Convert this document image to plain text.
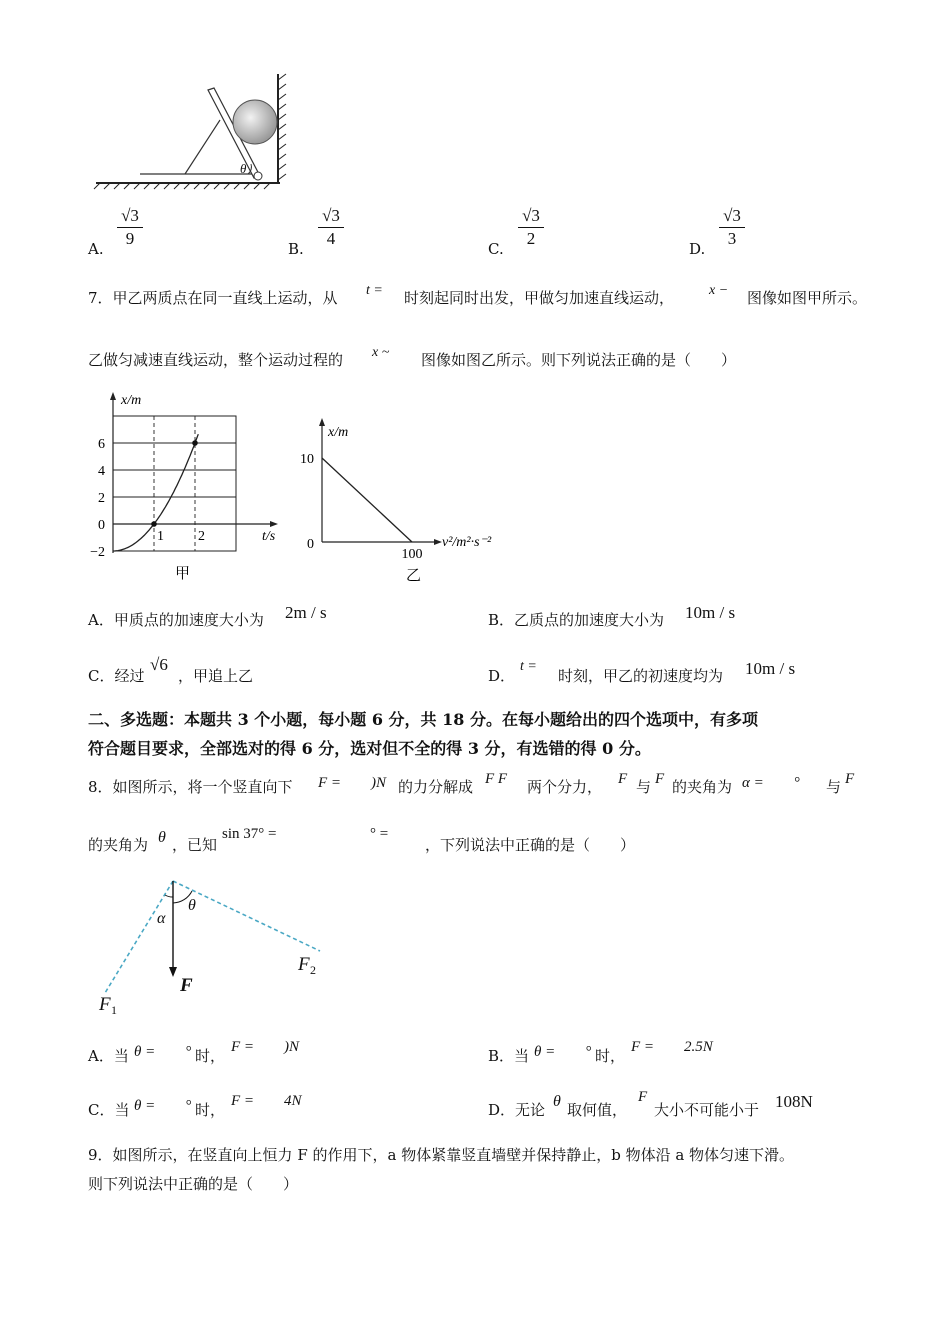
θ
A.
√3
9
B.
√3
4
C.
√3
2
D.
√3
3
7．甲乙两质点在同一直线上运动，从 t = 时刻起同时出发，甲做匀加速直线运动， x − 图像如图甲所示。
乙做匀减速直线运动，整个运动过程的 x ~ 图像如图乙所示。则下列说法正确的是（　　）
x/m
t/s
6
4
2
0
−2
1 2
甲
x/m
10
0
100
v²/m²·s⁻²
乙
A．甲质点的加速度大小为 2m / s	B．乙质点的加速度大小为 10m / s
C．经过
√6
，甲追上乙	D．
t =
时刻，甲乙的初速度均为 10m / s
二、多选题：本题共 3 个小题，每小题 6 分，共 18 分。在每小题给出的四个选项中，有多项
符合题目要求，全部选对的得 6 分，选对但不全的得 3 分，有选错的得 0 分。
8．如图所示，将一个竖直向下 F =　　)N 的力分解成 F F 两个分力， F 与 F 的夹角为 α =　　° 与 F
的夹角为 θ ，已知
sin 37° =	° =
，下列说法中正确的是（　　）
α
θ
F
F 1
F 2
A．当 θ =　　° 时， F =　　)N	B．当 θ =　　° 时， F =　　2.5N
C．当 θ =　　° 时， F =　　4N	D．无论 θ 取何值，
F
大小不可能小于 108N
9．如图所示，在竖直向上恒力 F 的作用下，a 物体紧靠竖直墙壁并保持静止，b 物体沿 a 物体匀速下滑。
则下列说法中正确的是（　　）
